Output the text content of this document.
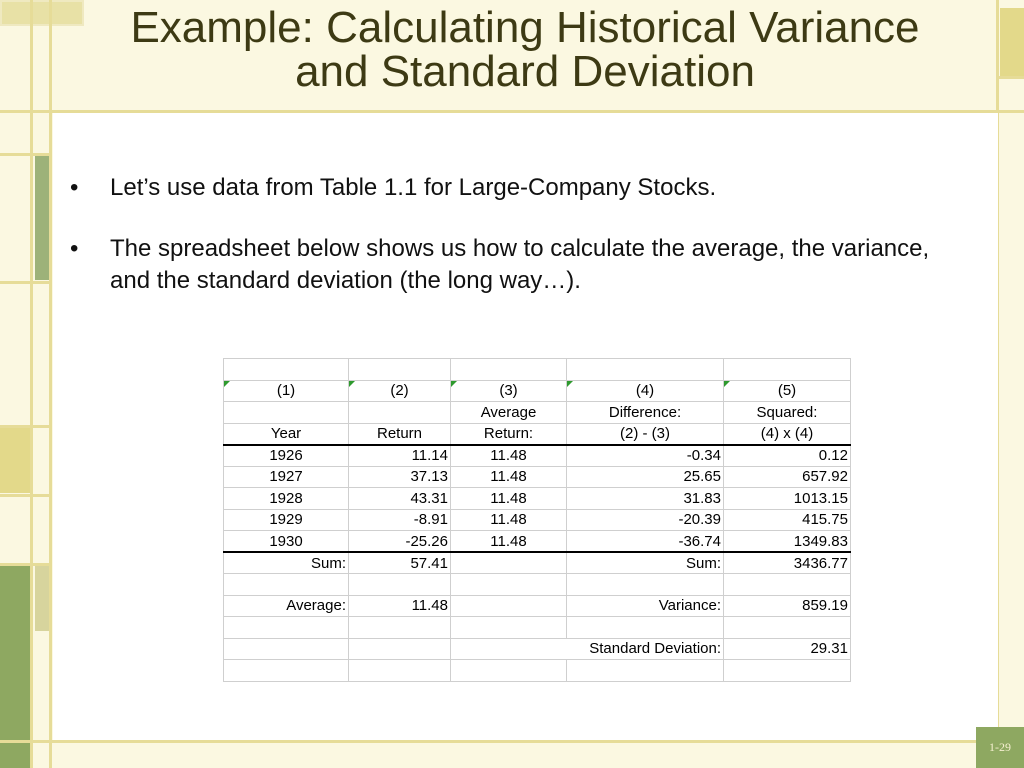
Example: Calculating Historical Variance
and Standard Deviation
• Let’s use data from Table 1.1 for Large-Company Stocks.
• The spreadsheet below shows us how to calculate the average, the variance, and the standard deviation (the long way…).

(1)	(2)	(3)	(4)	(5)
		Average	Difference:	Squared:
Year	Return	Return:	(2) - (3)	(4) x (4)
1926	11.14	11.48	-0.34	0.12
1927	37.13	11.48	25.65	657.92
1928	43.31	11.48	31.83	1013.15
1929	-8.91	11.48	-20.39	415.75
1930	-25.26	11.48	-36.74	1349.83
Sum:	57.41		Sum:	3436.77

Average:	11.48		Variance:	859.19

		Standard Deviation:		29.31

1-29
